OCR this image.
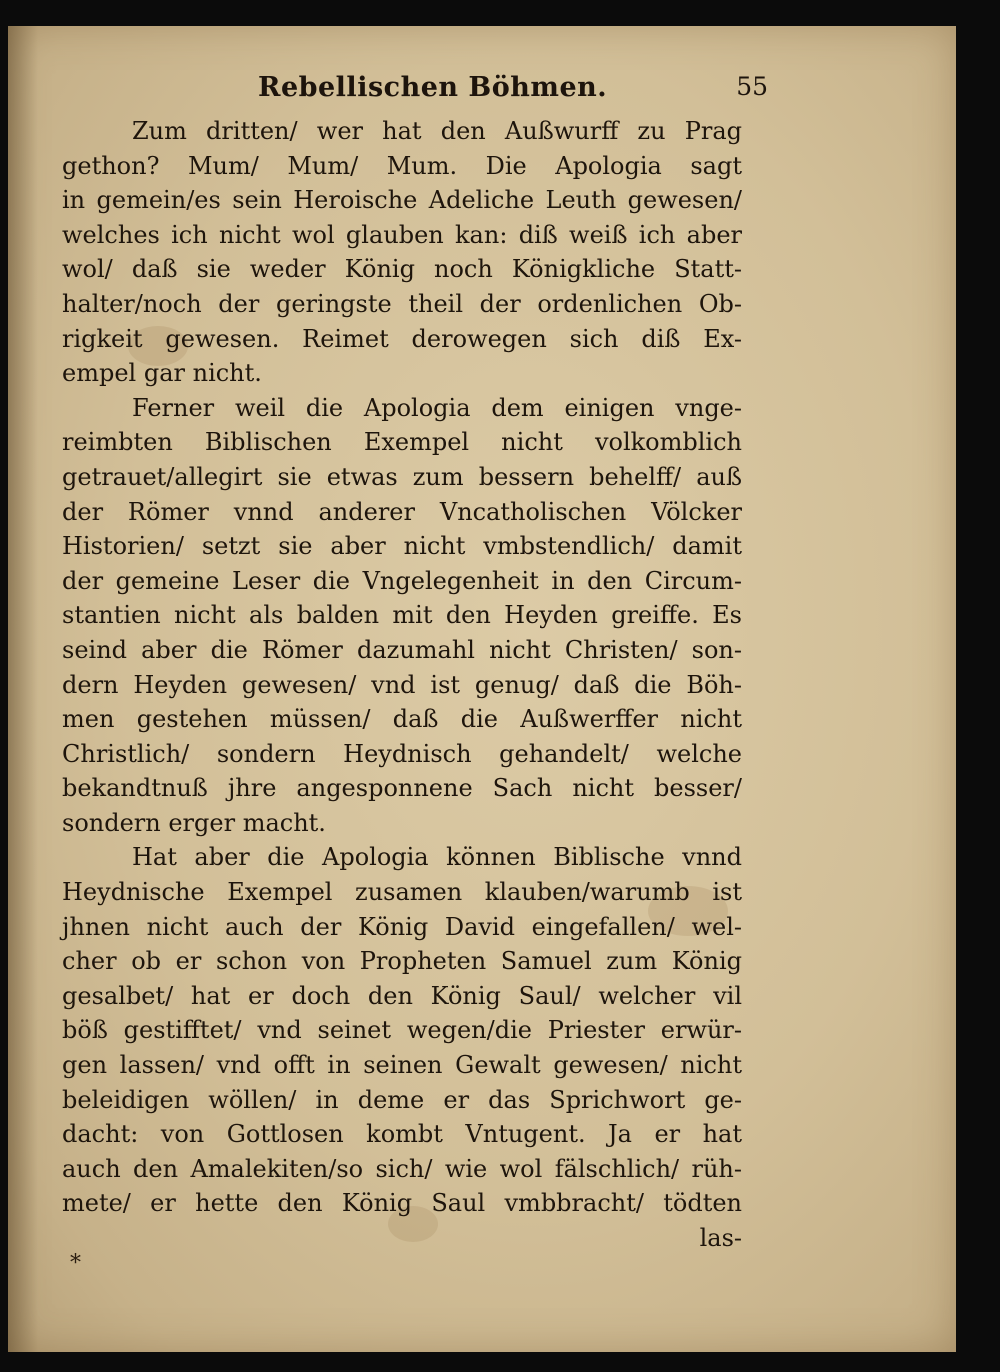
Rebellischen Böhmen.	55
Zum dritten/ wer hat den Außwurff zu Prag
gethon? Mum/ Mum/ Mum. Die Apologia sagt
in gemein/es sein Heroische Adeliche Leuth gewesen/
welches ich nicht wol glauben kan: diß weiß ich aber
wol/ daß sie weder König noch Königkliche Statt-
halter/noch der geringste theil der ordenlichen Ob-
rigkeit gewesen. Reimet derowegen sich diß Ex-
empel gar nicht.
Ferner weil die Apologia dem einigen vnge-
reimbten Biblischen Exempel nicht volkomblich
getrauet/allegirt sie etwas zum bessern behelff/ auß
der Römer vnnd anderer Vncatholischen Völcker
Historien/ setzt sie aber nicht vmbstendlich/ damit
der gemeine Leser die Vngelegenheit in den Circum-
stantien nicht als balden mit den Heyden greiffe. Es
seind aber die Römer dazumahl nicht Christen/ son-
dern Heyden gewesen/ vnd ist genug/ daß die Böh-
men gestehen müssen/ daß die Außwerffer nicht
Christlich/ sondern Heydnisch gehandelt/ welche
bekandtnuß jhre angesponnene Sach nicht besser/
sondern erger macht.
Hat aber die Apologia können Biblische vnnd
Heydnische Exempel zusamen klauben/warumb ist
jhnen nicht auch der König David eingefallen/ wel-
cher ob er schon von Propheten Samuel zum König
gesalbet/ hat er doch den König Saul/ welcher vil
böß gestifftet/ vnd seinet wegen/die Priester erwür-
gen lassen/ vnd offt in seinen Gewalt gewesen/ nicht
beleidigen wöllen/ in deme er das Sprichwort ge-
dacht: von Gottlosen kombt Vntugent. Ja er hat
auch den Amalekiten/so sich/ wie wol fälschlich/ rüh-
mete/ er hette den König Saul vmbbracht/ tödten
las-
*
